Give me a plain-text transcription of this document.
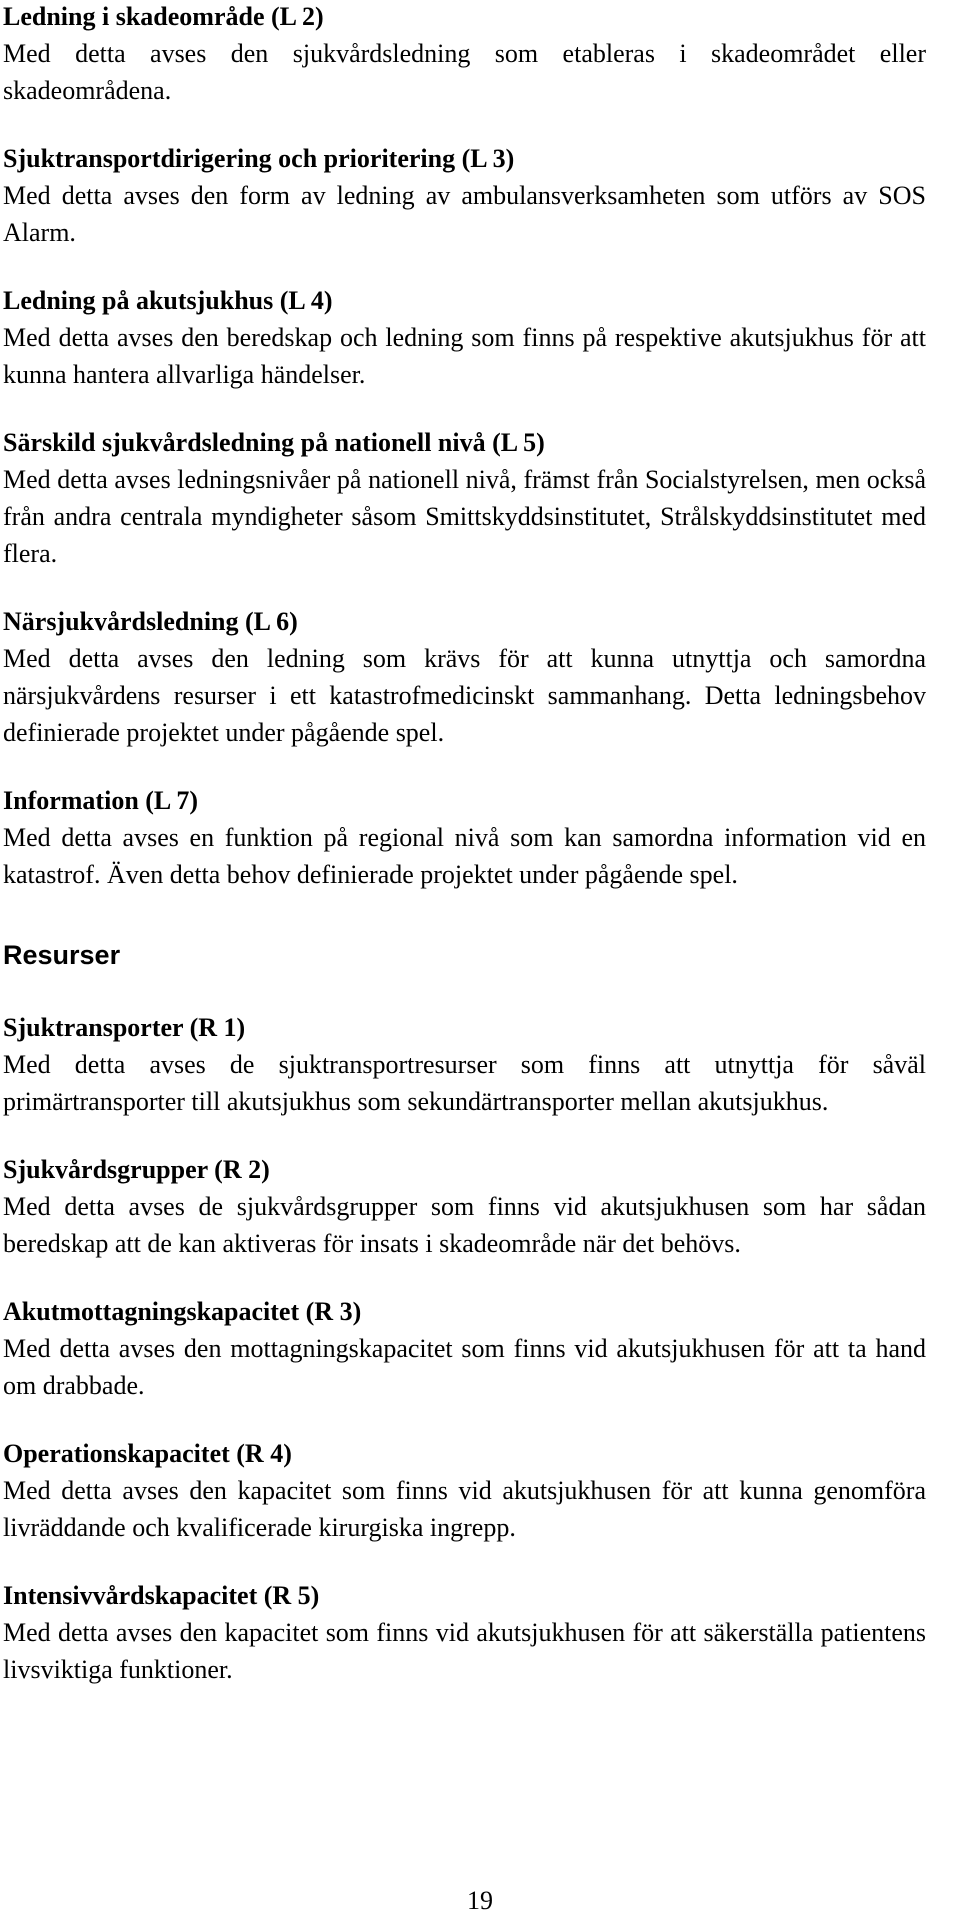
Ledning i skadeområde (L 2)

Med detta avses den sjukvårdsledning som etableras i skadeområdet eller skadeområdena.

Sjuktransportdirigering och prioritering (L 3)

Med detta avses den form av ledning av ambulansverksamheten som utförs av SOS Alarm.

Ledning på akutsjukhus (L 4)

Med detta avses den beredskap och ledning som finns på respektive akutsjukhus för att kunna hantera allvarliga händelser.

Särskild sjukvårdsledning på nationell nivå (L 5)

Med detta avses ledningsnivåer på nationell nivå, främst från Socialstyrelsen, men också från andra centrala myndigheter såsom Smittskyddsinstitutet, Strålskyddsinstitutet med flera.

Närsjukvårdsledning (L 6)

Med detta avses den ledning som krävs för att kunna utnyttja och samordna närsjukvårdens resurser i ett katastrofmedicinskt sammanhang. Detta ledningsbehov definierade projektet under pågående spel.

Information (L 7)

Med detta avses en funktion på regional nivå som kan samordna information vid en katastrof. Även detta behov definierade projektet under pågående spel.

Resurser

Sjuktransporter (R 1)

Med detta avses de sjuktransportresurser som finns att utnyttja för såväl primärtransporter till akutsjukhus som sekundärtransporter mellan akutsjukhus.

Sjukvårdsgrupper (R 2)

Med detta avses de sjukvårdsgrupper som finns vid akutsjukhusen som har sådan beredskap att de kan aktiveras för insats i skadeområde när det behövs.

Akutmottagningskapacitet (R 3)

Med detta avses den mottagningskapacitet som finns vid akutsjukhusen för att ta hand om drabbade.

Operationskapacitet (R 4)

Med detta avses den kapacitet som finns vid akutsjukhusen för att kunna genomföra livräddande och kvalificerade kirurgiska ingrepp.

Intensivvårdskapacitet (R 5)

Med detta avses den kapacitet som finns vid akutsjukhusen för att säkerställa patientens livsviktiga funktioner.

19
